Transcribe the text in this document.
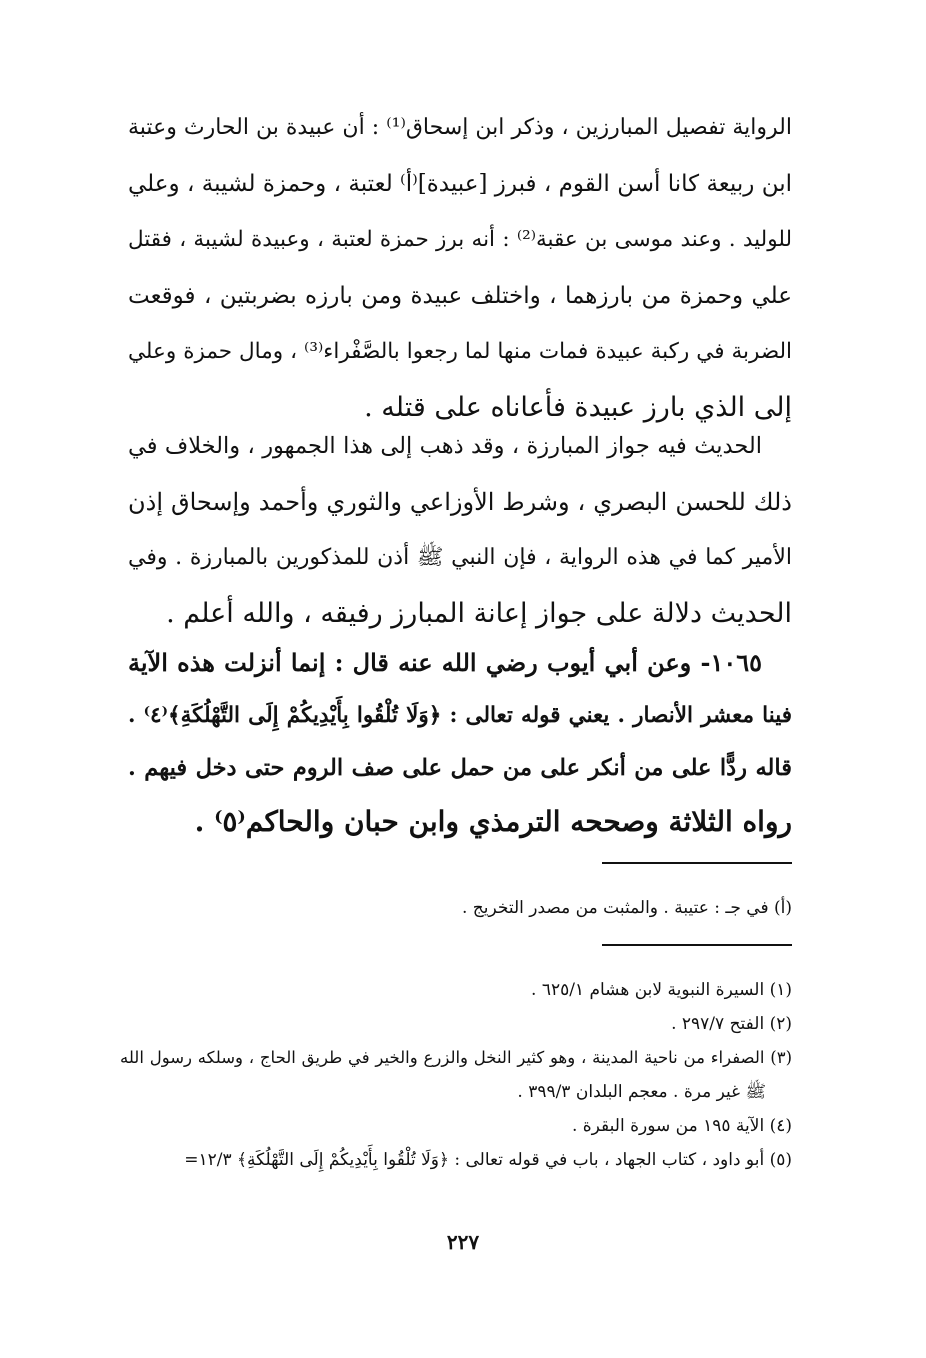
الرواية تفصيل المبارزين ، وذكر ابن إسحاق⁽¹⁾ : أن عبيدة بن الحارث وعتبة
ابن ربيعة كانا أسن القوم ، فبرز [عبيدة]⁽أ⁾ لعتبة ، وحمزة لشيبة ، وعلي
للوليد . وعند موسى بن عقبة⁽²⁾ : أنه برز حمزة لعتبة ، وعبيدة لشيبة ، فقتل
علي وحمزة من بارزهما ، واختلف عبيدة ومن بارزه بضربتين ، فوقعت
الضربة في ركبة عبيدة فمات منها لما رجعوا بالصَّفْراء⁽³⁾ ، ومال حمزة وعلي
إلى الذي بارز عبيدة فأعاناه على قتله .
الحديث فيه جواز المبارزة ، وقد ذهب إلى هذا الجمهور ، والخلاف في
ذلك للحسن البصري ، وشرط الأوزاعي والثوري وأحمد وإسحاق إذن
الأمير كما في هذه الرواية ، فإن النبي ﷺ أذن للمذكورين بالمبارزة . وفي
الحديث دلالة على جواز إعانة المبارز رفيقه ، والله أعلم .
١٠٦٥- وعن أبي أيوب رضي الله عنه قال : إنما أنزلت هذه الآية
فينا معشر الأنصار . يعني قوله تعالى : ﴿وَلَا تُلْقُوا بِأَيْدِيكُمْ إِلَى التَّهْلُكَةِ﴾⁽٤⁾ .
قاله ردًّا على من أنكر على من حمل على صف الروم حتى دخل فيهم .
رواه الثلاثة وصححه الترمذي وابن حبان والحاكم⁽٥⁾ .
(أ) في جـ : عتيبة . والمثبت من مصدر التخريج .
(١) السيرة النبوية لابن هشام ٦٢٥/١ .
(٢) الفتح ٢٩٧/٧ .
(٣) الصفراء من ناحية المدينة ، وهو كثير النخل والزرع والخير في طريق الحاج ، وسلكه رسول الله
ﷺ غير مرة . معجم البلدان ٣٩٩/٣ .
(٤) الآية ١٩٥ من سورة البقرة .
(٥) أبو داود ، كتاب الجهاد ، باب في قوله تعالى : ﴿وَلَا تُلْقُوا بِأَيْدِيكُمْ إِلَى التَّهْلُكَةِ﴾ ١٢/٣=
٢٢٧
